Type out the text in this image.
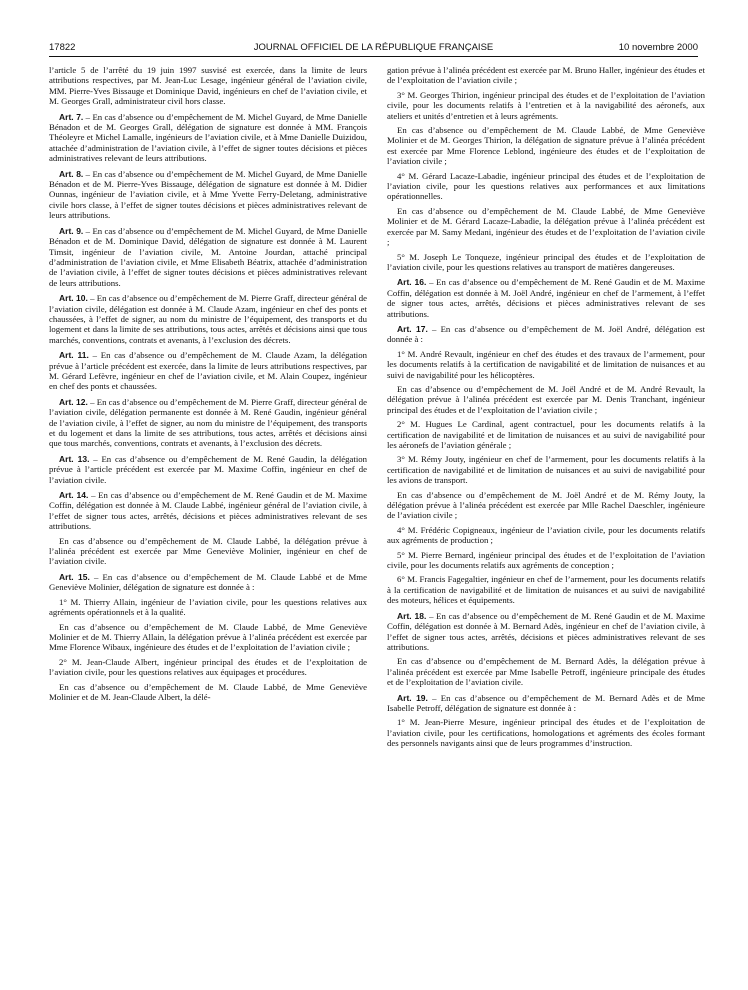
17822	JOURNAL OFFICIEL DE LA RÉPUBLIQUE FRANÇAISE	10 novembre 2000

l’article 5 de l’arrêté du 19 juin 1997 susvisé est exercée, dans la limite de leurs attributions respectives, par M. Jean-Luc Lesage, ingénieur général de l’aviation civile, MM. Pierre-Yves Bissauge et Dominique David, ingénieurs en chef de l’aviation civile, et M. Georges Grall, administrateur civil hors classe.

Art. 7. – En cas d’absence ou d’empêchement de M. Michel Guyard, de Mme Danielle Bénadon et de M. Georges Grall, délégation de signature est donnée à MM. François Théoleyre et Michel Lamalle, ingénieurs de l’aviation civile, et à Mme Danielle Duizidou, attachée d’administration de l’aviation civile, à l’effet de signer toutes décisions et pièces administratives relevant de leurs attributions.

Art. 8. – En cas d’absence ou d’empêchement de M. Michel Guyard, de Mme Danielle Bénadon et de M. Pierre-Yves Bissauge, délégation de signature est donnée à M. Didier Ounnas, ingénieur de l’aviation civile, et à Mme Yvette Ferry-Deletang, administrative civile hors classe, à l’effet de signer toutes décisions et pièces administratives relevant de leurs attributions.

Art. 9. – En cas d’absence ou d’empêchement de M. Michel Guyard, de Mme Danielle Bénadon et de M. Dominique David, délégation de signature est donnée à M. Laurent Timsit, ingénieur de l’aviation civile, M. Antoine Jourdan, attaché principal d’administration de l’aviation civile, et Mme Elisabeth Béatrix, attachée d’administration de l’aviation civile, à l’effet de signer toutes décisions et pièces administratives relevant de leurs attributions.

Art. 10. – En cas d’absence ou d’empêchement de M. Pierre Graff, directeur général de l’aviation civile, délégation est donnée à M. Claude Azam, ingénieur en chef des ponts et chaussées, à l’effet de signer, au nom du ministre de l’équipement, des transports et du logement et dans la limite de ses attributions, tous actes, arrêtés et décisions ainsi que tous marchés, conventions, contrats et avenants, à l’exclusion des décrets.

Art. 11. – En cas d’absence ou d’empêchement de M. Claude Azam, la délégation prévue à l’article précédent est exercée, dans la limite de leurs attributions respectives, par M. Gérard Lefèvre, ingénieur en chef de l’aviation civile, et M. Alain Coupez, ingénieur en chef des ponts et chaussées.

Art. 12. – En cas d’absence ou d’empêchement de M. Pierre Graff, directeur général de l’aviation civile, délégation permanente est donnée à M. René Gaudin, ingénieur général de l’aviation civile, à l’effet de signer, au nom du ministre de l’équipement, des transports et du logement et dans la limite de ses attributions, tous actes, arrêtés et décisions ainsi que tous marchés, conventions, contrats et avenants, à l’exclusion des décrets.

Art. 13. – En cas d’absence ou d’empêchement de M. René Gaudin, la délégation prévue à l’article précédent est exercée par M. Maxime Coffin, ingénieur en chef de l’aviation civile.

Art. 14. – En cas d’absence ou d’empêchement de M. René Gaudin et de M. Maxime Coffin, délégation est donnée à M. Claude Labbé, ingénieur général de l’aviation civile, à l’effet de signer tous actes, arrêtés, décisions et pièces administratives relevant de ses attributions.

En cas d’absence ou d’empêchement de M. Claude Labbé, la délégation prévue à l’alinéa précédent est exercée par Mme Geneviève Molinier, ingénieur en chef de l’aviation civile.

Art. 15. – En cas d’absence ou d’empêchement de M. Claude Labbé et de Mme Geneviève Molinier, délégation de signature est donnée à :

1° M. Thierry Allain, ingénieur de l’aviation civile, pour les questions relatives aux agréments opérationnels et à la qualité.

En cas d’absence ou d’empêchement de M. Claude Labbé, de Mme Geneviève Molinier et de M. Thierry Allain, la délégation prévue à l’alinéa précédent est exercée par Mme Florence Wibaux, ingénieure des études et de l’exploitation de l’aviation civile ;

2° M. Jean-Claude Albert, ingénieur principal des études et de l’exploitation de l’aviation civile, pour les questions relatives aux équipages et procédures.

En cas d’absence ou d’empêchement de M. Claude Labbé, de Mme Geneviève Molinier et de M. Jean-Claude Albert, la délé-

gation prévue à l’alinéa précédent est exercée par M. Bruno Haller, ingénieur des études et de l’exploitation de l’aviation civile ;

3° M. Georges Thirion, ingénieur principal des études et de l’exploitation de l’aviation civile, pour les documents relatifs à l’entretien et à la navigabilité des aéronefs, aux ateliers et unités d’entretien et à leurs agréments.

En cas d’absence ou d’empêchement de M. Claude Labbé, de Mme Geneviève Molinier et de M. Georges Thirion, la délégation de signature prévue à l’alinéa précédent est exercée par Mme Florence Leblond, ingénieure des études et de l’exploitation de l’aviation civile ;

4° M. Gérard Lacaze-Labadie, ingénieur principal des études et de l’exploitation de l’aviation civile, pour les questions relatives aux performances et aux limitations opérationnelles.

En cas d’absence ou d’empêchement de M. Claude Labbé, de Mme Geneviève Molinier et de M. Gérard Lacaze-Labadie, la délégation prévue à l’alinéa précédent est exercée par M. Samy Medani, ingénieur des études et de l’exploitation de l’aviation civile ;

5° M. Joseph Le Tonqueze, ingénieur principal des études et de l’exploitation de l’aviation civile, pour les questions relatives au transport de matières dangereuses.

Art. 16. – En cas d’absence ou d’empêchement de M. René Gaudin et de M. Maxime Coffin, délégation est donnée à M. Joël André, ingénieur en chef de l’armement, à l’effet de signer tous actes, arrêtés, décisions et pièces administratives relevant de ses attributions.

Art. 17. – En cas d’absence ou d’empêchement de M. Joël André, délégation est donnée à :

1° M. André Revault, ingénieur en chef des études et des travaux de l’armement, pour les documents relatifs à la certification de navigabilité et de limitation de nuisances et au suivi de navigabilité pour les hélicoptères.

En cas d’absence ou d’empêchement de M. Joël André et de M. André Revault, la délégation prévue à l’alinéa précédent est exercée par M. Denis Tranchant, ingénieur principal des études et de l’exploitation de l’aviation civile ;

2° M. Hugues Le Cardinal, agent contractuel, pour les documents relatifs à la certification de navigabilité et de limitation de nuisances et au suivi de navigabilité pour les aéronefs de l’aviation générale ;

3° M. Rémy Jouty, ingénieur en chef de l’armement, pour les documents relatifs à la certification de navigabilité et de limitation de nuisances et au suivi de navigabilité pour les avions de transport.

En cas d’absence ou d’empêchement de M. Joël André et de M. Rémy Jouty, la délégation prévue à l’alinéa précédent est exercée par Mlle Rachel Daeschler, ingénieure de l’aviation civile ;

4° M. Frédéric Copigneaux, ingénieur de l’aviation civile, pour les documents relatifs aux agréments de production ;

5° M. Pierre Bernard, ingénieur principal des études et de l’exploitation de l’aviation civile, pour les documents relatifs aux agréments de conception ;

6° M. Francis Fagegaltier, ingénieur en chef de l’armement, pour les documents relatifs à la certification de navigabilité et de limitation de nuisances et au suivi de navigabilité des moteurs, hélices et équipements.

Art. 18. – En cas d’absence ou d’empêchement de M. René Gaudin et de M. Maxime Coffin, délégation est donnée à M. Bernard Adès, ingénieur en chef de l’aviation civile, à l’effet de signer tous actes, arrêtés, décisions et pièces administratives relevant de ses attributions.

En cas d’absence ou d’empêchement de M. Bernard Adès, la délégation prévue à l’alinéa précédent est exercée par Mme Isabelle Petroff, ingénieure principale des études et de l’exploitation de l’aviation civile.

Art. 19. – En cas d’absence ou d’empêchement de M. Bernard Adès et de Mme Isabelle Petroff, délégation de signature est donnée à :

1° M. Jean-Pierre Mesure, ingénieur principal des études et de l’exploitation de l’aviation civile, pour les certifications, homologations et agréments des écoles formant des personnels navigants ainsi que de leurs programmes d’instruction.
